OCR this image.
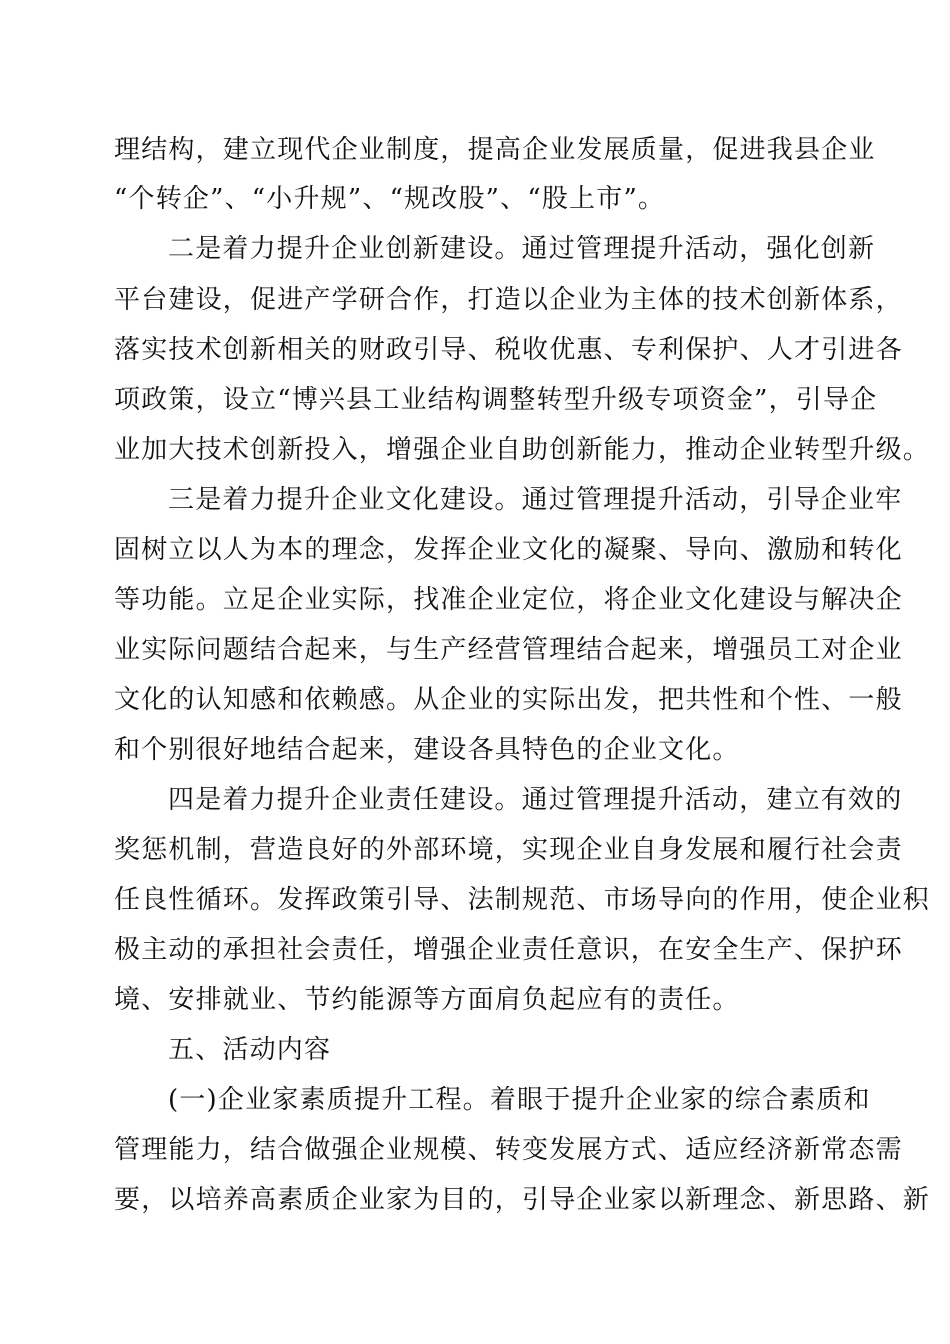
理结构，建立现代企业制度，提高企业发展质量，促进我县企业
“个转企”、“小升规”、“规改股”、“股上市”。
二是着力提升企业创新建设。通过管理提升活动，强化创新
平台建设，促进产学研合作，打造以企业为主体的技术创新体系，
落实技术创新相关的财政引导、税收优惠、专利保护、人才引进各
项政策，设立“博兴县工业结构调整转型升级专项资金”，引导企
业加大技术创新投入，增强企业自助创新能力，推动企业转型升级。
三是着力提升企业文化建设。通过管理提升活动，引导企业牢
固树立以人为本的理念，发挥企业文化的凝聚、导向、激励和转化
等功能。立足企业实际，找准企业定位，将企业文化建设与解决企
业实际问题结合起来，与生产经营管理结合起来，增强员工对企业
文化的认知感和依赖感。从企业的实际出发，把共性和个性、一般
和个别很好地结合起来，建设各具特色的企业文化。
四是着力提升企业责任建设。通过管理提升活动，建立有效的
奖惩机制，营造良好的外部环境，实现企业自身发展和履行社会责
任良性循环。发挥政策引导、法制规范、市场导向的作用，使企业积
极主动的承担社会责任，增强企业责任意识，在安全生产、保护环
境、安排就业、节约能源等方面肩负起应有的责任。
五、活动内容
(一)企业家素质提升工程。着眼于提升企业家的综合素质和
管理能力，结合做强企业规模、转变发展方式、适应经济新常态需
要，以培养高素质企业家为目的，引导企业家以新理念、新思路、新
